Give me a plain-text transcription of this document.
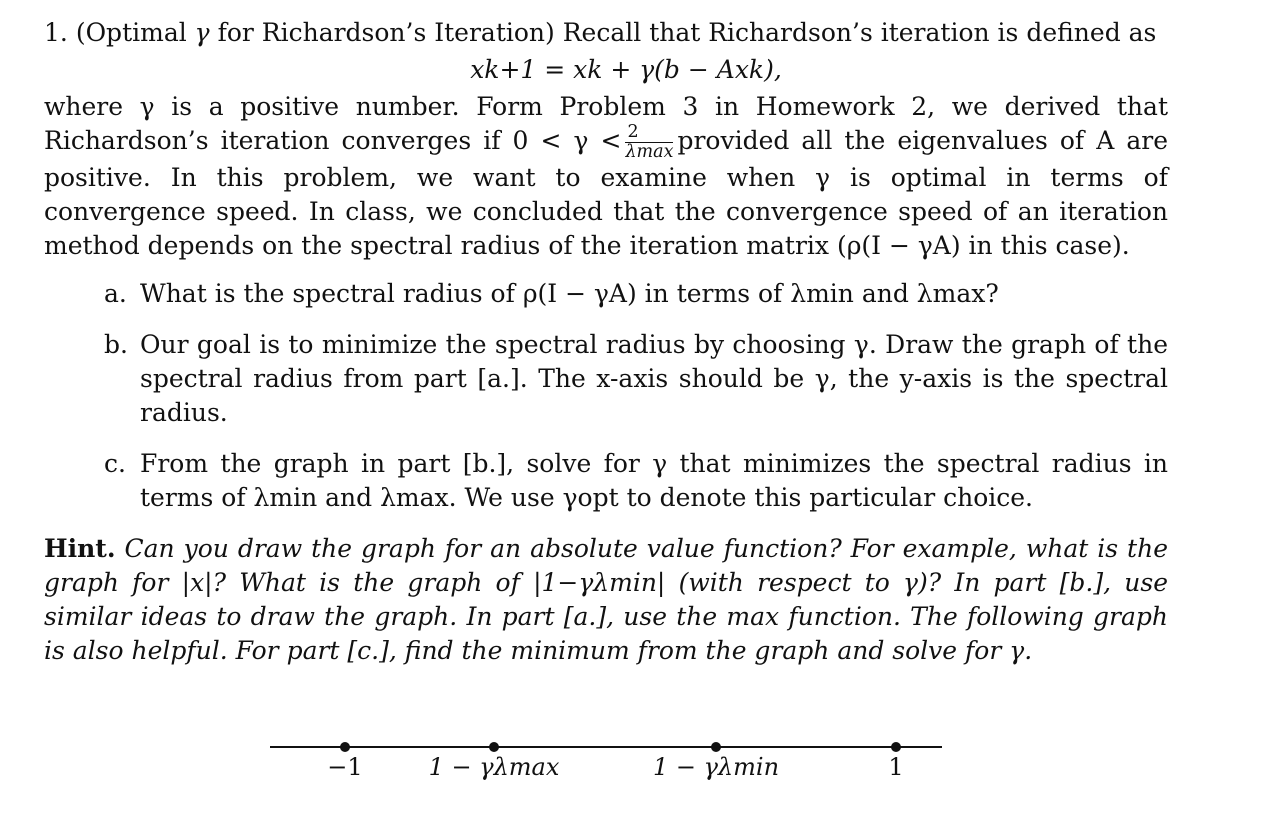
1. (Optimal γ for Richardson’s Iteration) Recall that Richardson’s iteration is defined as
xk+1 = xk + γ(b − Axk),
where γ is a positive number. Form Problem 3 in Homework 2, we derived that Richardson’s iteration converges if $0 < \gamma < \frac{2}{\lambda\max}$ provided all the eigenvalues of A are positive. In this problem, we want to examine when γ is optimal in terms of convergence speed. In class, we concluded that the convergence speed of an iteration method depends on the spectral radius of the iteration matrix (ρ(I − γA) in this case).
a. What is the spectral radius of ρ(I − γA) in terms of λmin and λmax?
b. Our goal is to minimize the spectral radius by choosing γ. Draw the graph of the spectral radius from part [a.]. The x-axis should be γ, the y-axis is the spectral radius.
c. From the graph in part [b.], solve for γ that minimizes the spectral radius in terms of λmin and λmax. We use γopt to denote this particular choice.
Hint. Can you draw the graph for an absolute value function? For example, what is the graph for |x|? What is the graph of |1−γλmin| (with respect to γ)? In part [b.], use similar ideas to draw the graph. In part [a.], use the max function. The following graph is also helpful. For part [c.], find the minimum from the graph and solve for γ.
−1	1 − γλmax	1 − γλmin	1
